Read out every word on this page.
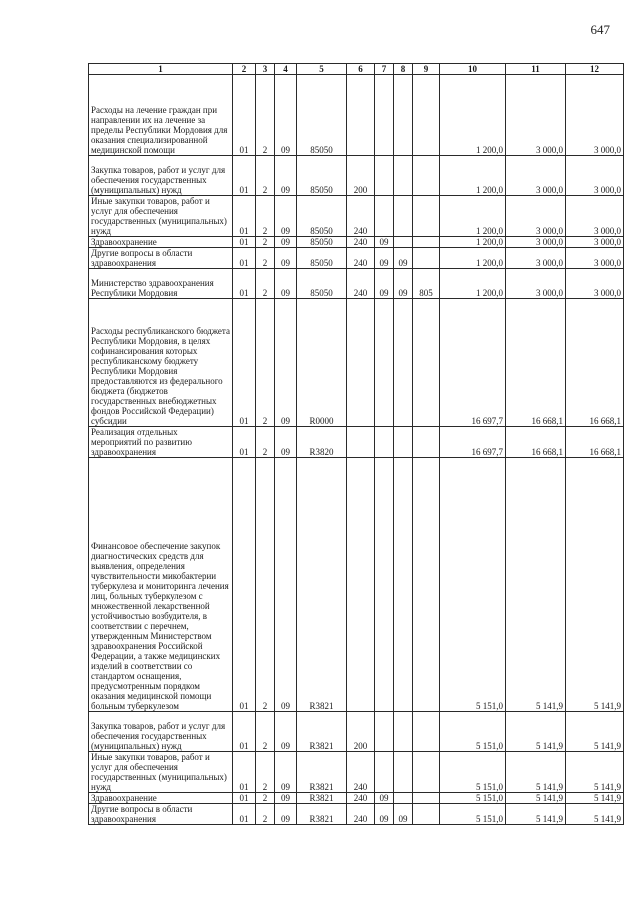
647
1	2	3	4	5	6	7	8	9	10	11	12
Расходы на лечение граждан при направлении их на лечение за пределы Республики Мордовия для оказания специализированной медицинской помощи	01	2	09	85050					1 200,0	3 000,0	3 000,0
Закупка товаров, работ и услуг для обеспечения государственных (муниципальных) нужд	01	2	09	85050	200				1 200,0	3 000,0	3 000,0
Иные закупки товаров, работ и услуг для обеспечения государственных (муниципальных) нужд	01	2	09	85050	240				1 200,0	3 000,0	3 000,0
Здравоохранение	01	2	09	85050	240	09			1 200,0	3 000,0	3 000,0
Другие вопросы в области здравоохранения	01	2	09	85050	240	09	09		1 200,0	3 000,0	3 000,0
Министерство здравоохранения Республики Мордовия	01	2	09	85050	240	09	09	805	1 200,0	3 000,0	3 000,0
Расходы республиканского бюджета Республики Мордовия, в целях софинансирования которых республиканскому бюджету Республики Мордовия предоставляются из федерального бюджета (бюджетов государственных внебюджетных фондов Российской Федерации) субсидии	01	2	09	R0000					16 697,7	16 668,1	16 668,1
Реализация отдельных мероприятий по развитию здравоохранения	01	2	09	R3820					16 697,7	16 668,1	16 668,1
Финансовое обеспечение закупок диагностических средств для выявления, определения чувствительности микобактерии туберкулеза и мониторинга лечения лиц, больных туберкулезом с множественной лекарственной устойчивостью возбудителя, в соответствии с перечнем, утвержденным Министерством здравоохранения Российской Федерации, а также медицинских изделий в соответствии со стандартом оснащения, предусмотренным порядком оказания медицинской помощи больным туберкулезом	01	2	09	R3821					5 151,0	5 141,9	5 141,9
Закупка товаров, работ и услуг для обеспечения государственных (муниципальных) нужд	01	2	09	R3821	200				5 151,0	5 141,9	5 141,9
Иные закупки товаров, работ и услуг для обеспечения государственных (муниципальных) нужд	01	2	09	R3821	240				5 151,0	5 141,9	5 141,9
Здравоохранение	01	2	09	R3821	240	09			5 151,0	5 141,9	5 141,9
Другие вопросы в области здравоохранения	01	2	09	R3821	240	09	09		5 151,0	5 141,9	5 141,9
